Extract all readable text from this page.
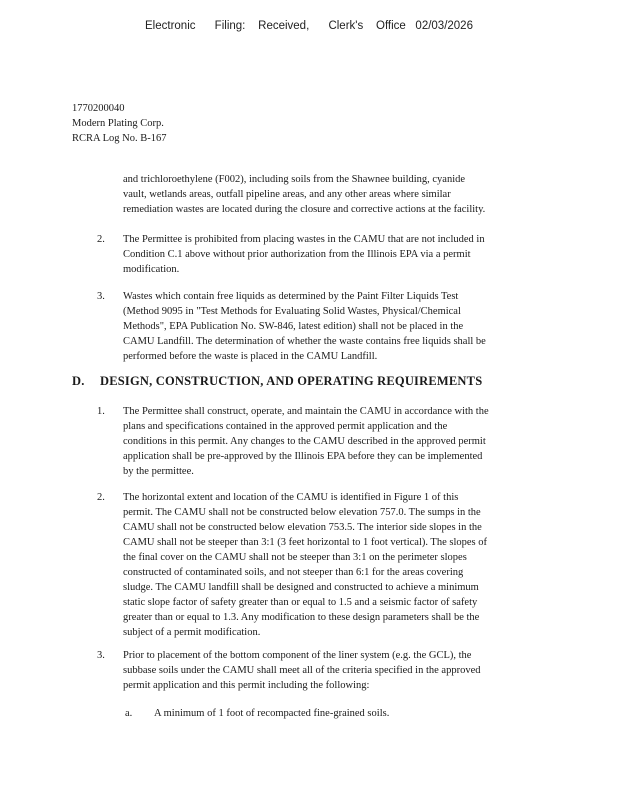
Electronic      Filing:    Received,      Clerk's    Office   02/03/2026
1770200040
Modern Plating Corp.
RCRA Log No. B-167
and trichloroethylene (F002), including soils from the Shawnee building, cyanide
vault, wetlands areas, outfall pipeline areas, and any other areas where similar
remediation wastes are located during the closure and corrective actions at the facility.
2. The Permittee is prohibited from placing wastes in the CAMU that are not included in
Condition C.1 above without prior authorization from the Illinois EPA via a permit
modification.
3. Wastes which contain free liquids as determined by the Paint Filter Liquids Test
(Method 9095 in "Test Methods for Evaluating Solid Wastes, Physical/Chemical
Methods", EPA Publication No. SW-846, latest edition) shall not be placed in the
CAMU Landfill. The determination of whether the waste contains free liquids shall be
performed before the waste is placed in the CAMU Landfill.
D. DESIGN, CONSTRUCTION, AND OPERATING REQUIREMENTS
1. The Permittee shall construct, operate, and maintain the CAMU in accordance with the
plans and specifications contained in the approved permit application and the
conditions in this permit. Any changes to the CAMU described in the approved permit
application shall be pre-approved by the Illinois EPA before they can be implemented
by the permittee.
2. The horizontal extent and location of the CAMU is identified in Figure 1 of this
permit. The CAMU shall not be constructed below elevation 757.0. The sumps in the
CAMU shall not be constructed below elevation 753.5. The interior side slopes in the
CAMU shall not be steeper than 3:1 (3 feet horizontal to 1 foot vertical). The slopes of
the final cover on the CAMU shall not be steeper than 3:1 on the perimeter slopes
constructed of contaminated soils, and not steeper than 6:1 for the areas covering
sludge. The CAMU landfill shall be designed and constructed to achieve a minimum
static slope factor of safety greater than or equal to 1.5 and a seismic factor of safety
greater than or equal to 1.3. Any modification to these design parameters shall be the
subject of a permit modification.
3. Prior to placement of the bottom component of the liner system (e.g. the GCL), the
subbase soils under the CAMU shall meet all of the criteria specified in the approved
permit application and this permit including the following:
a. A minimum of 1 foot of recompacted fine-grained soils.
